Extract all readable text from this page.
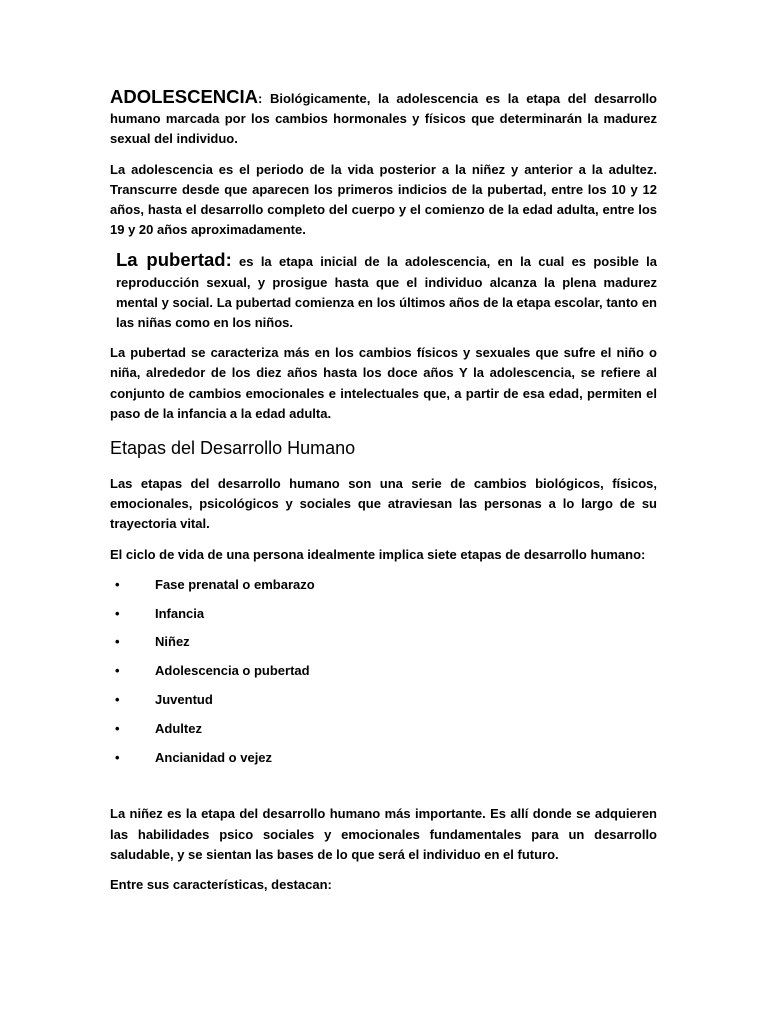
ADOLESCENCIA: Biológicamente, la adolescencia es la etapa del desarrollo humano marcada por los cambios hormonales y físicos que determinarán la madurez sexual del individuo.

La adolescencia es el periodo de la vida posterior a la niñez y anterior a la adultez. Transcurre desde que aparecen los primeros indicios de la pubertad, entre los 10 y 12 años, hasta el desarrollo completo del cuerpo y el comienzo de la edad adulta, entre los 19 y 20 años aproximadamente.

La pubertad: es la etapa inicial de la adolescencia, en la cual es posible la reproducción sexual, y prosigue hasta que el individuo alcanza la plena madurez mental y social. La pubertad comienza en los últimos años de la etapa escolar, tanto en las niñas como en los niños.

La pubertad se caracteriza más en los cambios físicos y sexuales que sufre el niño o niña, alrededor de los diez años hasta los doce años Y la adolescencia, se refiere al conjunto de cambios emocionales e intelectuales que, a partir de esa edad, permiten el paso de la infancia a la edad adulta.

Etapas del Desarrollo Humano

Las etapas del desarrollo humano son una serie de cambios biológicos, físicos, emocionales, psicológicos y sociales que atraviesan las personas a lo largo de su trayectoria vital.

El ciclo de vida de una persona idealmente implica siete etapas de desarrollo humano:

•	Fase prenatal o embarazo
•	Infancia
•	Niñez
•	Adolescencia o pubertad
•	Juventud
•	Adultez
•	Ancianidad o vejez

La niñez es la etapa del desarrollo humano más importante. Es allí donde se adquieren las habilidades psico sociales y emocionales fundamentales para un desarrollo saludable, y se sientan las bases de lo que será el individuo en el futuro.

Entre sus características, destacan:
